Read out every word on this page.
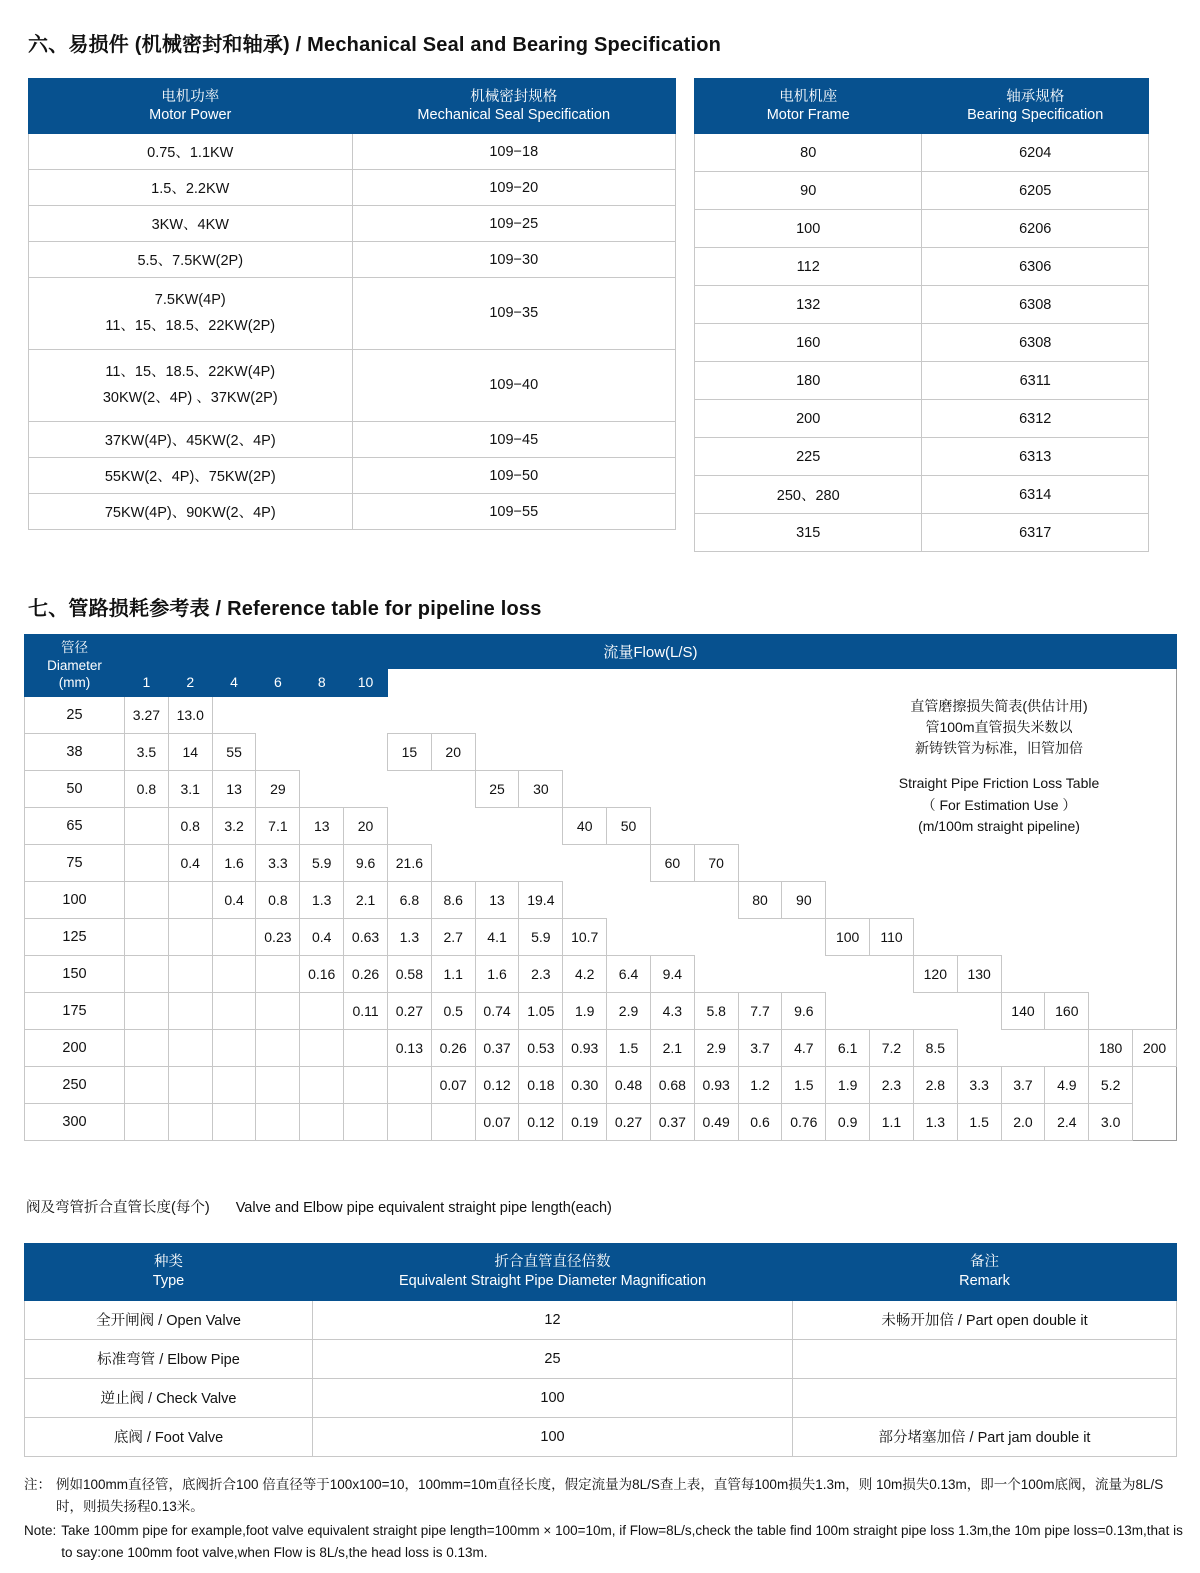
六、易损件 (机械密封和轴承) / Mechanical Seal and Bearing Specification
电机功率
Motor Power

机械密封规格
Mechanical Seal Specification

0.75、1.1KW	109−18

1.5、2.2KW	109−20

3KW、4KW	109−25

5.5、7.5KW(2P)	109−30

7.5KW(4P)
11、15、18.5、22KW(2P)	109−35

11、15、18.5、22KW(4P)
30KW(2、4P) 、37KW(2P)	109−40

37KW(4P)、45KW(2、4P)	109−45

55KW(2、4P)、75KW(2P)	109−50

75KW(4P)、90KW(2、4P)	109−55
电机机座
Motor Frame

轴承规格
Bearing Specification

80	6204
90	6205
100	6206
112	6306
132	6308
160	6308
180	6311
200	6312
225	6313
250、280	6314
315	6317
七、管路损耗参考表 / Reference table for pipeline loss
管径
Diameter
(mm)	流量Flow(L/S)																							
	1	2	4	6	8	10																		
25	3.27	13.0																						
38	3.5	14	55				15	20																
50	0.8	3.1	13	29					25	30														
65		0.8	3.2	7.1	13	20					40	50												
75		0.4	1.6	3.3	5.9	9.6	21.6						60	70										
100			0.4	0.8	1.3	2.1	6.8	8.6	13	19.4					80	90								
125				0.23	0.4	0.63	1.3	2.7	4.1	5.9	10.7						100	110						
150					0.16	0.26	0.58	1.1	1.6	2.3	4.2	6.4	9.4						120	130				
175						0.11	0.27	0.5	0.74	1.05	1.9	2.9	4.3	5.8	7.7	9.6					140	160		
200							0.13	0.26	0.37	0.53	0.93	1.5	2.1	2.9	3.7	4.7	6.1	7.2	8.5				180	200
250								0.07	0.12	0.18	0.30	0.48	0.68	0.93	1.2	1.5	1.9	2.3	2.8	3.3	3.7	4.9	5.2	
300									0.07	0.12	0.19	0.27	0.37	0.49	0.6	0.76	0.9	1.1	1.3	1.5	2.0	2.4	3.0	
直管磨擦损失简表(供估计用)
管100m直管损失米数以
新铸铁管为标准，旧管加倍
Straight Pipe Friction Loss Table
（ For Estimation Use ）
(m/100m straight pipeline)
阀及弯管折合直管长度(每个) Valve and Elbow pipe equivalent straight pipe length(each)
种类
Type

折合直管直径倍数
Equivalent Straight Pipe Diameter Magnification

备注
Remark

全开闸阀 / Open Valve	12	未畅开加倍 / Part open double it
标准弯管 / Elbow Pipe	25	
逆止阀 / Check Valve	100	
底阀 / Foot Valve	100	部分堵塞加倍 / Part jam double it
注： 例如100mm直径管，底阀折合100 倍直径等于100x100=10，100mm=10m直径长度，假定流量为8L/S查上表，直管每100m损失1.3m，则 10m损失0.13m，即一个100m底阀，流量为8L/S时，则损失扬程0.13米。
Note: Take 100mm pipe for example,foot valve equivalent straight pipe length=100mm × 100=10m, if Flow=8L/s,check the table find 100m straight pipe loss 1.3m,the 10m pipe loss=0.13m,that is to say:one 100mm foot valve,when Flow is 8L/s,the head loss is 0.13m.
